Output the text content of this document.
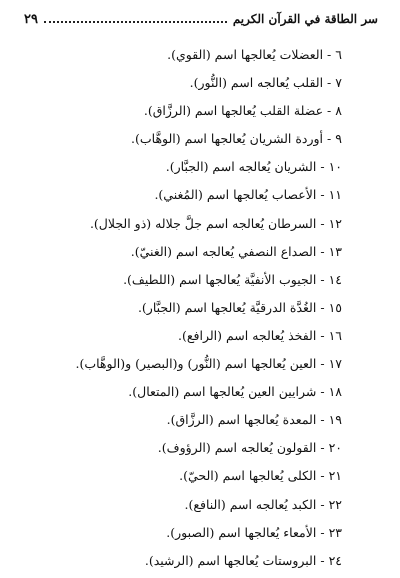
سر الطاقة في القرآن الكريم
٢٩
٦-العضلات يُعالجها اسم (القوي).
٧-القلب يُعالجه اسم (النُّور).
٨-عضلة القلب يُعالجها اسم (الرزَّاق).
٩-أوردة الشريان يُعالجها اسم (الوهَّاب).
١٠-الشريان يُعالجه اسم (الجبَّار).
١١-الأعصاب يُعالجها اسم (المُغني).
١٢-السرطان يُعالجه اسم جلَّ جلاله (ذو الجلال).
١٣-الصداع النصفي يُعالجه اسم (الغنيّ).
١٤-الجيوب الأنفيَّة يُعالجها اسم (اللطيف).
١٥-الغُدَّة الدرقيَّة يُعالجها اسم (الجبَّار).
١٦-الفخذ يُعالجه اسم (الرافع).
١٧-العين يُعالجها اسم (النُّور) و(البصير) و(الوهَّاب).
١٨-شرايين العين يُعالجها اسم (المتعال).
١٩-المعدة يُعالجها اسم (الرزَّاق).
٢٠-القولون يُعالجه اسم (الرؤوف).
٢١-الكلى يُعالجها اسم (الحيّ).
٢٢-الكبد يُعالجه اسم (النافع).
٢٣-الأمعاء يُعالجها اسم (الصبور).
٢٤-البروستات يُعالجها اسم (الرشيد).
